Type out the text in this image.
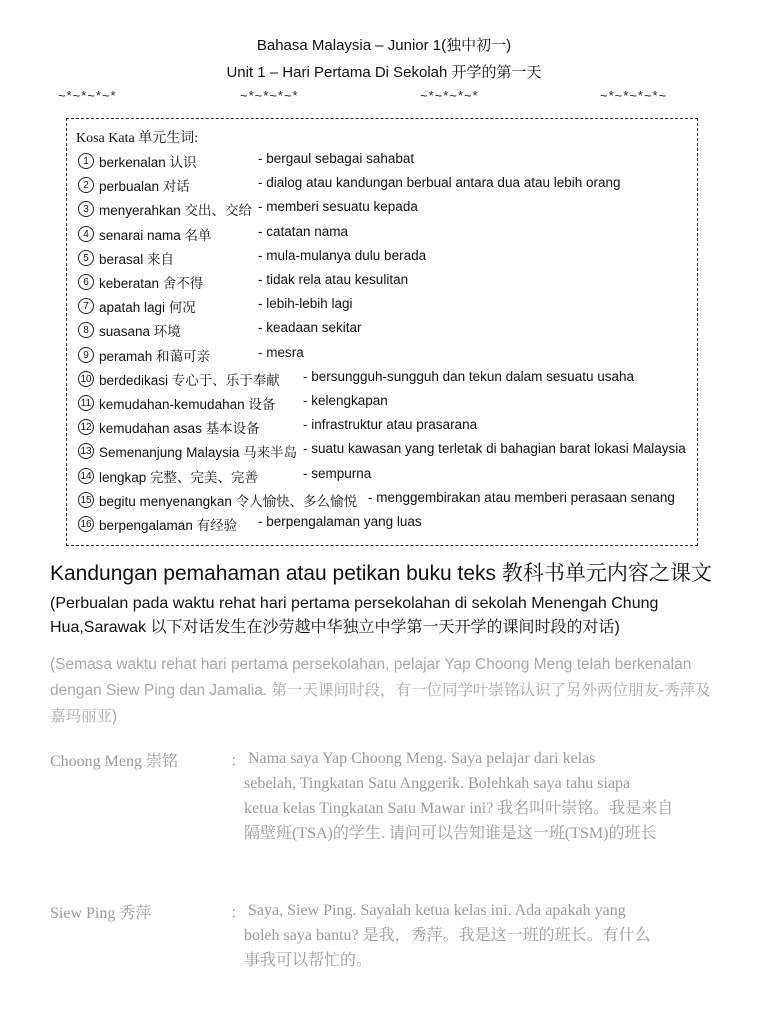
Bahasa Malaysia – Junior 1(独中初一)
Unit 1 – Hari Pertama Di Sekolah 开学的第一天
~*~*~*~*	~*~*~*~*	~*~*~*~*	~*~*~*~*~
Kosa Kata 单元生词:
1 berkenalan 认识	- bergaul sebagai sahabat
2 perbualan 对话	- dialog atau kandungan berbual antara dua atau lebih orang
3 menyerahkan 交出、交给 - memberi sesuatu kepada
4 senarai nama 名单	- catatan nama
5 berasal 来自	- mula-mulanya dulu berada
6 keberatan 舍不得	- tidak rela atau kesulitan
7 apatah lagi 何况	- lebih-lebih lagi
8 suasana 环境	- keadaan sekitar
9 peramah 和蔼可亲	- mesra
10 berdedikasi 专心于、乐于奉献 - bersungguh-sungguh dan tekun dalam sesuatu usaha
11 kemudahan-kemudahan 设备 - kelengkapan
12 kemudahan asas 基本设备	- infrastruktur atau prasarana
13 Semenanjung Malaysia 马来半岛 - suatu kawasan yang terletak di bahagian barat lokasi Malaysia
14 lengkap 完整、完美、完善	- sempurna
15 begitu menyenangkan 令人愉快、多么愉悦 - menggembirakan atau memberi perasaan senang
16 berpengalaman 有经验 - berpengalaman yang luas
Kandungan pemahaman atau petikan buku teks 教科书单元内容之课文
(Perbualan pada waktu rehat hari pertama persekolahan di sekolah Menengah Chung Hua,Sarawak 以下对话发生在沙劳越中华独立中学第一天开学的课间时段的对话)
(Semasa waktu rehat hari pertama persekolahan, pelajar Yap Choong Meng telah berkenalan dengan Siew Ping dan Jamalia. 第一天课间时段，有一位同学叶崇铭认识了另外两位朋友-秀萍及嘉玛丽亚)
Choong Meng 崇铭	： Nama saya Yap Choong Meng. Saya pelajar dari kelas

sebelah, Tingkatan Satu Anggerik. Bolehkah saya tahu siapa

ketua kelas Tingkatan Satu Mawar ini? 我名叫叶崇铭。我是来自

隔壁班(TSA)的学生. 请问可以告知谁是这一班(TSM)的班长

Siew Ping 秀萍	： Saya, Siew Ping. Sayalah ketua kelas ini. Ada apakah yang

boleh saya bantu? 是我，秀萍。我是这一班的班长。有什么

事我可以帮忙的。
